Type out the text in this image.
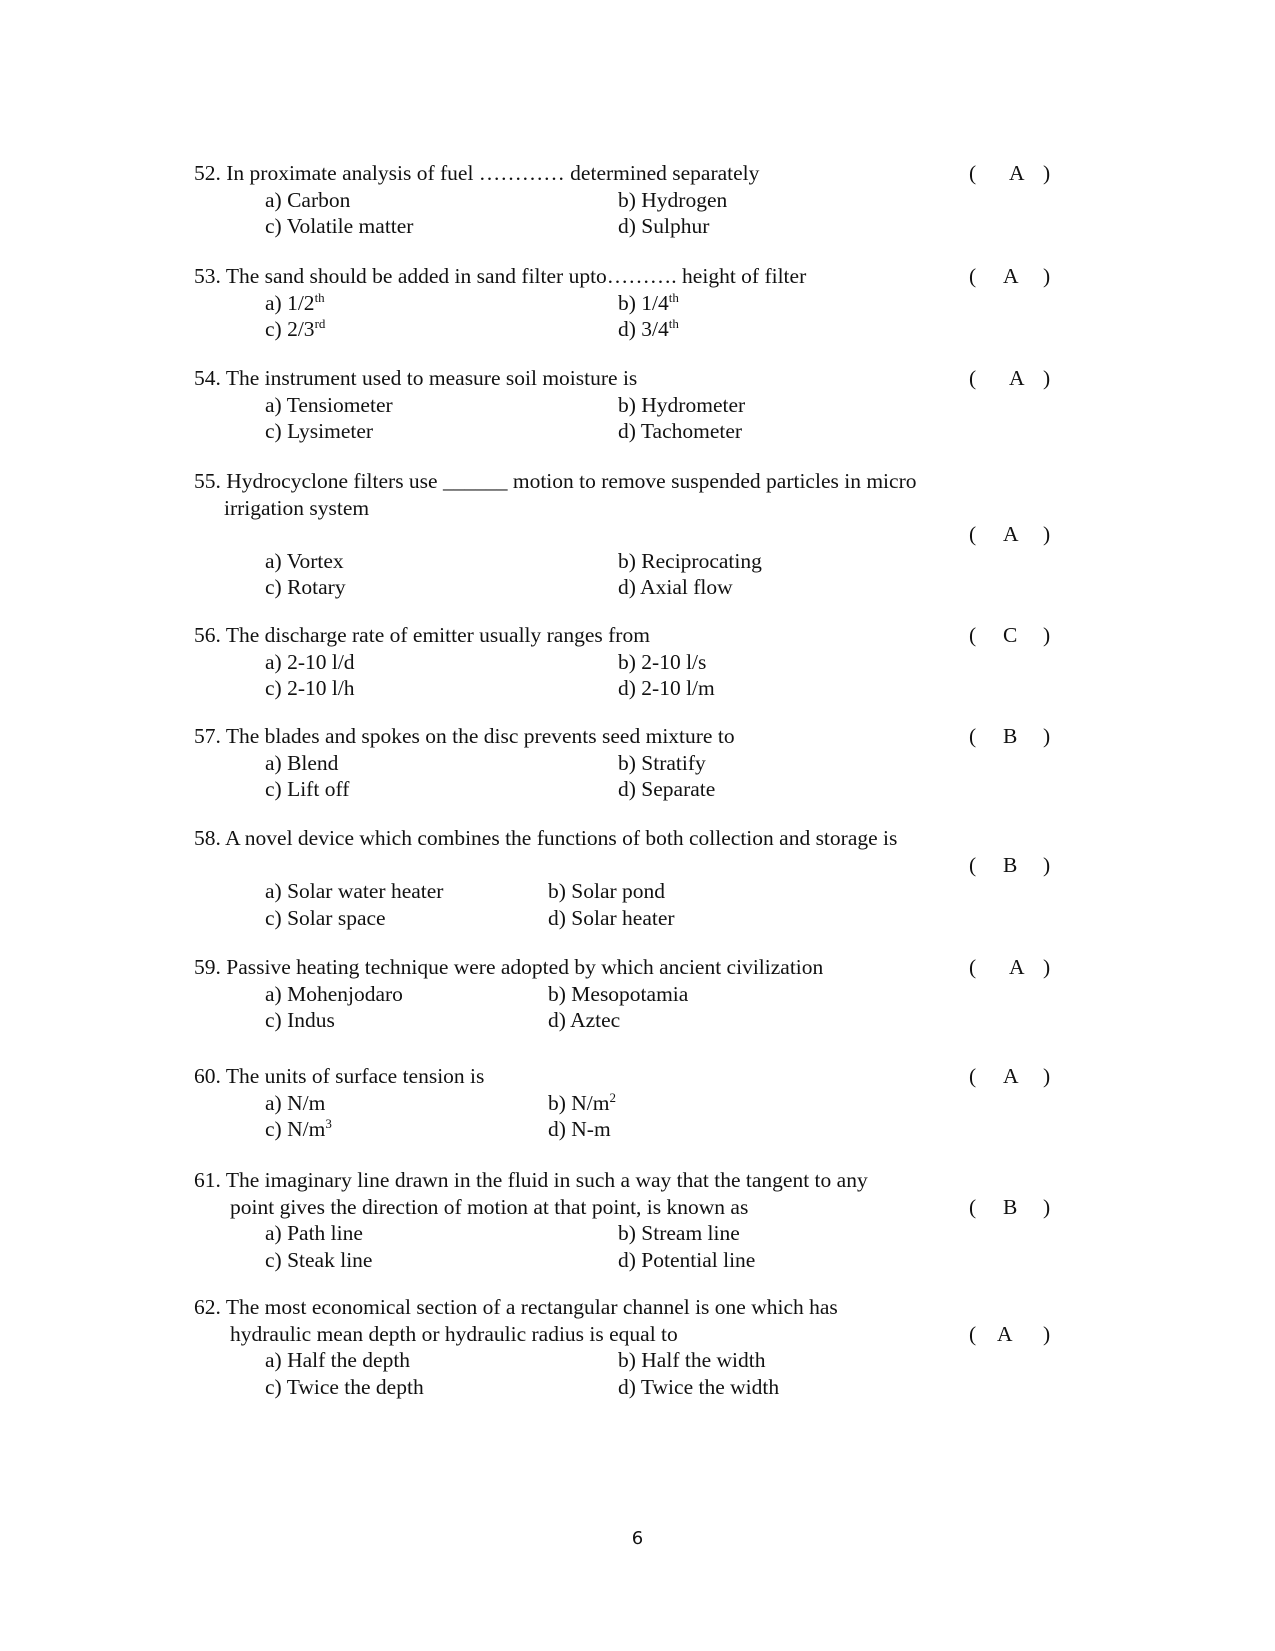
52. In proximate analysis of fuel ………… determined separately	( A )
a) Carbon	b) Hydrogen
c) Volatile matter	d) Sulphur
53. The sand should be added in sand filter upto………. height of filter	( A )
a) 1/2th	b) 1/4th
c) 2/3rd	d) 3/4th
54. The instrument used to measure soil moisture is	( A )
a) Tensiometer	b) Hydrometer
c) Lysimeter	d) Tachometer
55. Hydrocyclone filters use ______ motion to remove suspended particles in micro
irrigation system
( A )
a) Vortex	b) Reciprocating
c) Rotary	d) Axial flow
56. The discharge rate of emitter usually ranges from	( C )
a) 2-10 l/d	b) 2-10 l/s
c) 2-10 l/h	d) 2-10 l/m
57. The blades and spokes on the disc prevents seed mixture to	( B )
a) Blend	b) Stratify
c) Lift off	d) Separate
58. A novel device which combines the functions of both collection and storage is
( B )
a) Solar water heater	b) Solar pond
c) Solar space	d) Solar heater
59. Passive heating technique were adopted by which ancient civilization	( A )
a) Mohenjodaro	b) Mesopotamia
c) Indus	d) Aztec
60. The units of surface tension is	( A )
a) N/m	b) $N/m^2$
c) $N/m^3$	d) N-m
61. The imaginary line drawn in the fluid in such a way that the tangent to any
point gives the direction of motion at that point, is known as	( B )
a) Path line	b) Stream line
c) Steak line	d) Potential line
62. The most economical section of a rectangular channel is one which has
hydraulic mean depth or hydraulic radius is equal to	( A )
a) Half the depth	b) Half the width
c) Twice the depth	d) Twice the width
6
